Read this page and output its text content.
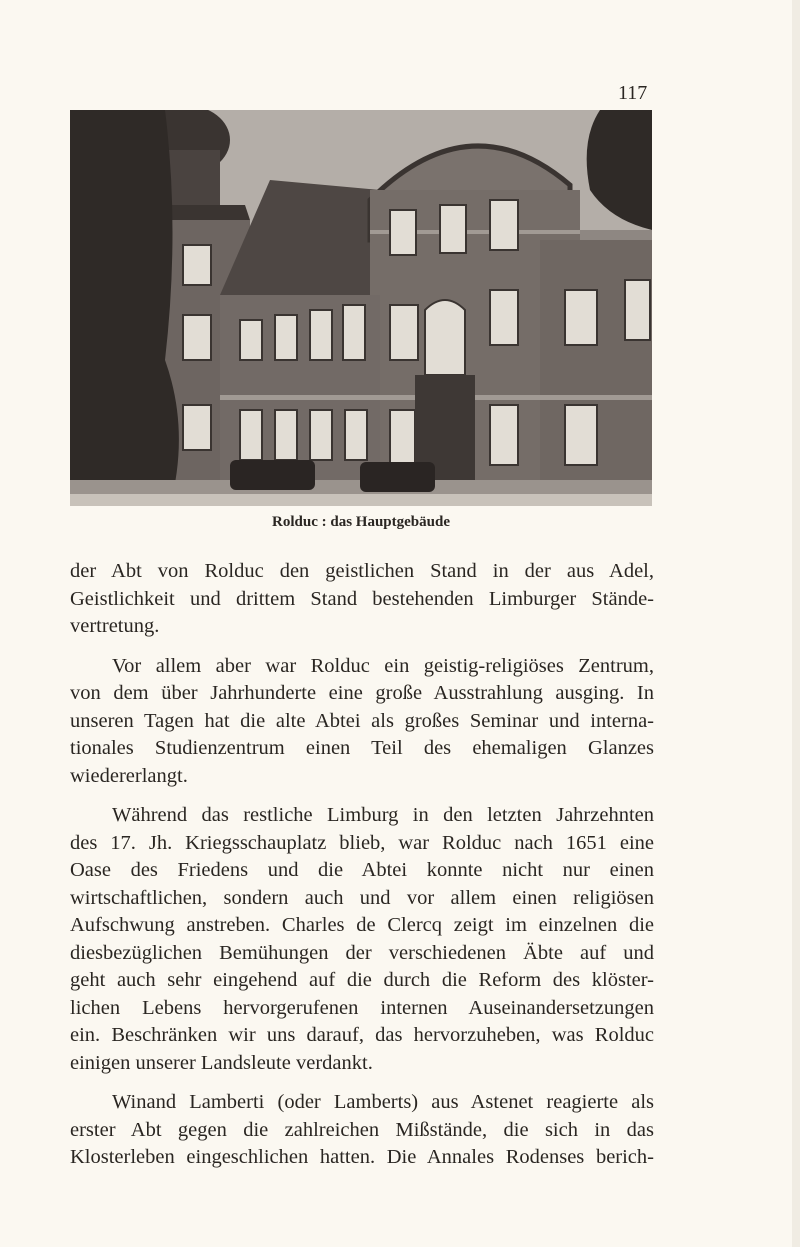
117
Rolduc : das Hauptgebäude

der Abt von Rolduc den geistlichen Stand in der aus Adel,
Geistlichkeit und drittem Stand bestehenden Limburger Stände-
vertretung.

Vor allem aber war Rolduc ein geistig-religiöses Zentrum,
von dem über Jahrhunderte eine große Ausstrahlung ausging. In
unseren Tagen hat die alte Abtei als großes Seminar und interna-
tionales Studienzentrum einen Teil des ehemaligen Glanzes
wiedererlangt.

Während das restliche Limburg in den letzten Jahrzehnten
des 17. Jh. Kriegsschauplatz blieb, war Rolduc nach 1651 eine
Oase des Friedens und die Abtei konnte nicht nur einen
wirtschaftlichen, sondern auch und vor allem einen religiösen
Aufschwung anstreben. Charles de Clercq zeigt im einzelnen die
diesbezüglichen Bemühungen der verschiedenen Äbte auf und
geht auch sehr eingehend auf die durch die Reform des klöster-
lichen Lebens hervorgerufenen internen Auseinandersetzungen
ein. Beschränken wir uns darauf, das hervorzuheben, was Rolduc
einigen unserer Landsleute verdankt.

Winand Lamberti (oder Lamberts) aus Astenet reagierte als
erster Abt gegen die zahlreichen Mißstände, die sich in das
Klosterleben eingeschlichen hatten. Die Annales Rodenses berich-
